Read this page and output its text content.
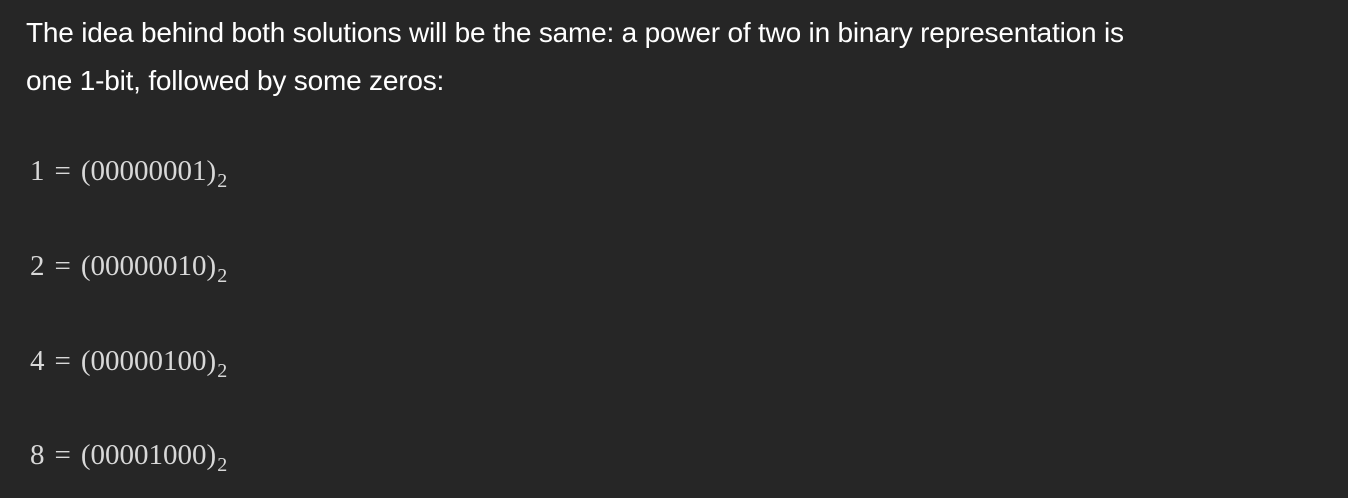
The idea behind both solutions will be the same: a power of two in binary representation is
one 1-bit, followed by some zeros:

$1 = (00000001)_2$
$2 = (00000010)_2$
$4 = (00000100)_2$
$8 = (00001000)_2$
